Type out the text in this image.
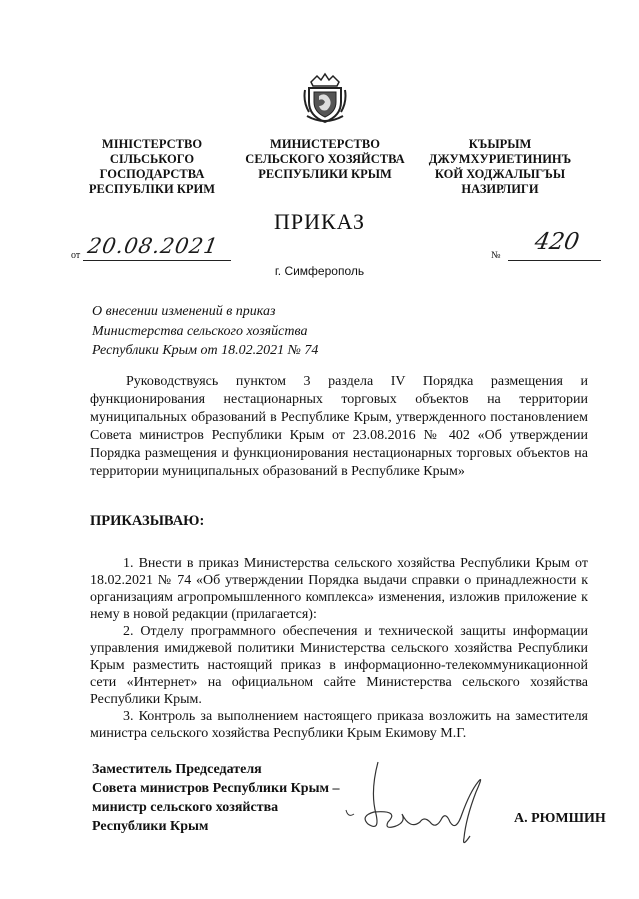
МІНІСТЕРСТВО
СІЛЬСЬКОГО
ГОСПОДАРСТВА
РЕСПУБЛІКИ КРИМ
МИНИСТЕРСТВО
СЕЛЬСКОГО ХОЗЯЙСТВА
РЕСПУБЛИКИ КРЫМ
КЪЫРЫМ
ДЖУМХУРИЕТИНИНЪ
КОЙ ХОДЖАЛЫГЪЫ
НАЗИРЛИГИ
ПРИКАЗ
от 20.08.2021	№
420
г. Симферополь
О внесении изменений в приказ
Министерства сельского хозяйства
Республики Крым от 18.02.2021 № 74

Руководствуясь пунктом 3 раздела IV Порядка размещения и функционирования нестационарных торговых объектов на территории муниципальных образований в Республике Крым, утвержденного постановлением Совета министров Республики Крым от 23.08.2016 № 402 «Об утверждении Порядка размещения и функционирования нестационарных торговых объектов на территории муниципальных образований в Республике Крым»

ПРИКАЗЫВАЮ:

1. Внести в приказ Министерства сельского хозяйства Республики Крым от 18.02.2021 № 74 «Об утверждении Порядка выдачи справки о принадлежности к организациям агропромышленного комплекса» изменения, изложив приложение к нему в новой редакции (прилагается):

2. Отделу программного обеспечения и технической защиты информации управления имиджевой политики Министерства сельского хозяйства Республики Крым разместить настоящий приказ в информационно-телекоммуникационной сети «Интернет» на официальном сайте Министерства сельского хозяйства Республики Крым.

3. Контроль за выполнением настоящего приказа возложить на заместителя министра сельского хозяйства Республики Крым Екимову М.Г.

Заместитель Председателя
Совета министров Республики Крым –
министр сельского хозяйства
Республики Крым
А. РЮМШИН
